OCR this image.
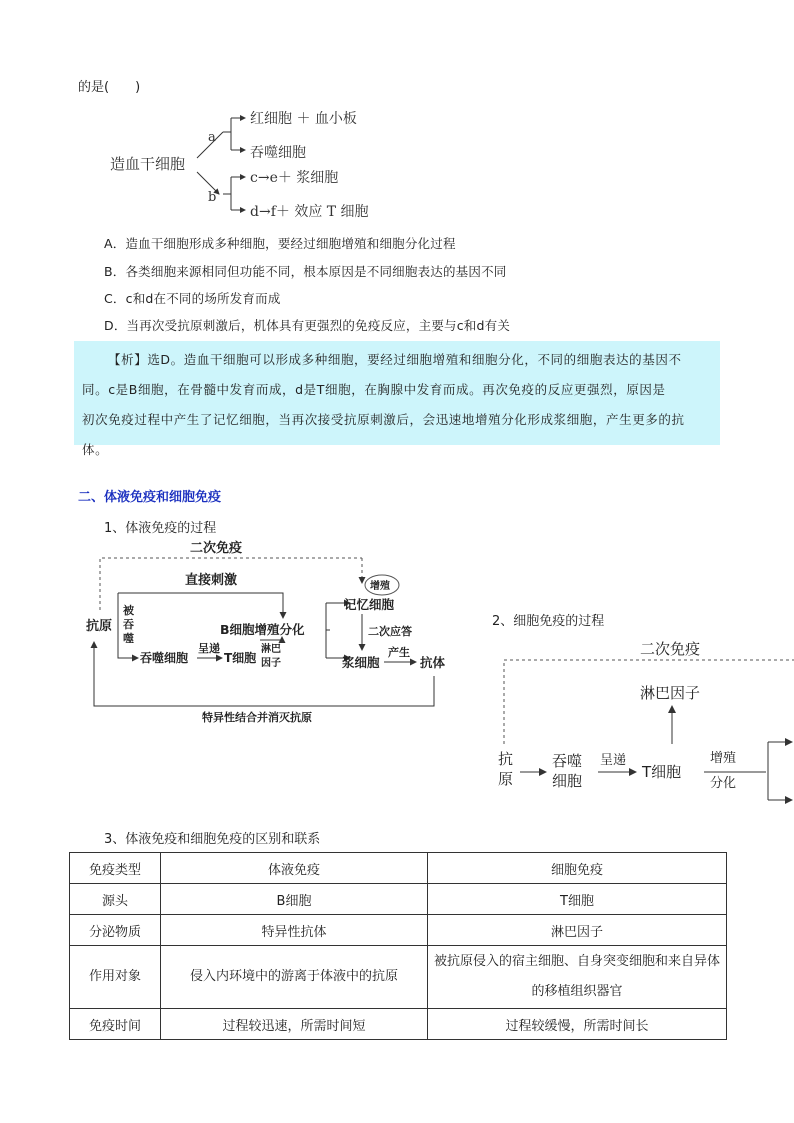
的是(　　)
造血干细胞
a
b
红细胞 ＋ 血小板
吞噬细胞
c→e＋ 浆细胞
d→f＋ 效应 T 细胞
A．造血干细胞形成多种细胞，要经过细胞增殖和细胞分化过程
B．各类细胞来源相同但功能不同，根本原因是不同细胞表达的基因不同
C．c和d在不同的场所发育而成
D．当再次受抗原刺激后，机体具有更强烈的免疫反应，主要与c和d有关
【析】选D。造血干细胞可以形成多种细胞，要经过细胞增殖和细胞分化，不同的细胞表达的基因不
同。c是B细胞，在骨髓中发育而成，d是T细胞，在胸腺中发育而成。再次免疫的反应更强烈，原因是
初次免疫过程中产生了记忆细胞，当再次接受抗原刺激后，会迅速地增殖分化形成浆细胞，产生更多的抗
体。
二、体液免疫和细胞免疫
1、体液免疫的过程
二次免疫
直接刺激
抗原
被
吞
噬
吞噬细胞
呈递
T细胞
淋巴
因子
B细胞增殖分化
增殖
记忆细胞
二次应答
浆细胞
产生
抗体
特异性结合并消灭抗原
2、细胞免疫的过程
二次免疫
淋巴因子
抗
原
吞噬
细胞
呈递
T细胞
增殖
分化
3、体液免疫和细胞免疫的区别和联系
免疫类型	体液免疫	细胞免疫
源头	B细胞	T细胞
分泌物质	特异性抗体	淋巴因子
作用对象	侵入内环境中的游离于体液中的抗原	被抗原侵入的宿主细胞、自身突变细胞和来自异体的移植组织器官
免疫时间	过程较迅速，所需时间短	过程较缓慢，所需时间长
